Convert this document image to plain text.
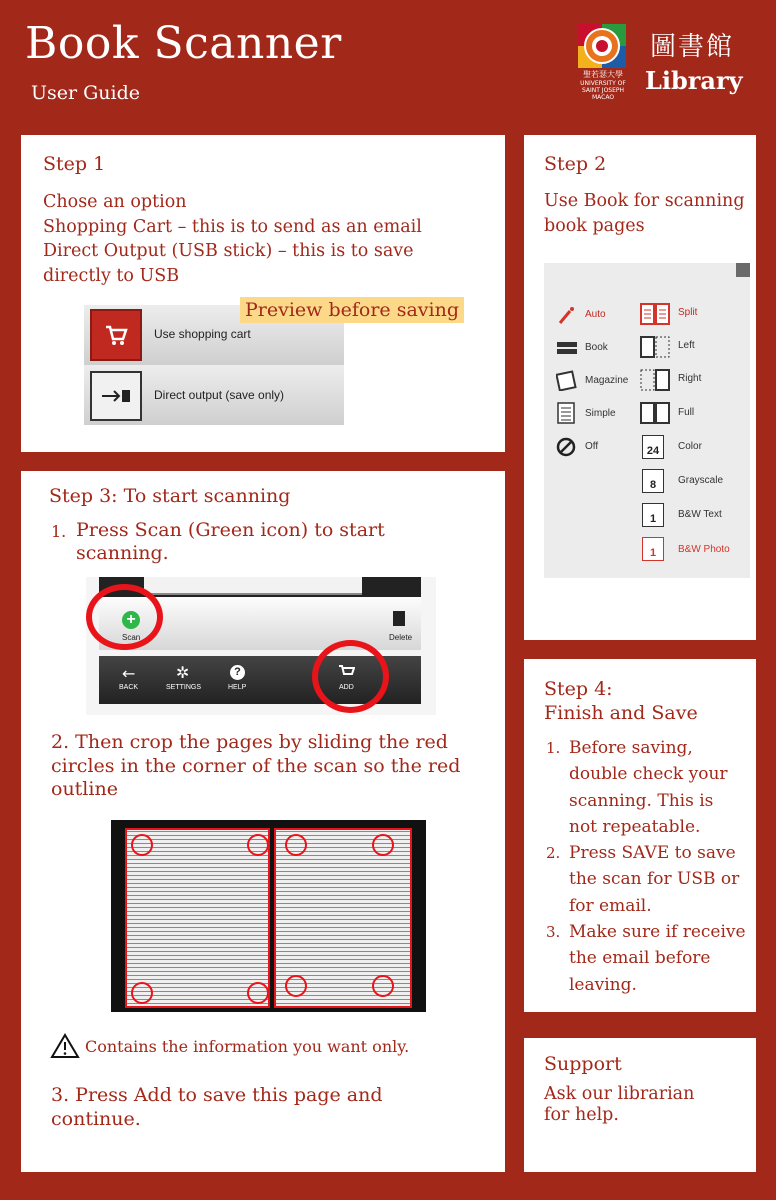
Book Scanner
User Guide
聖若瑟大學
UNIVERSITY OF
SAINT JOSEPH
MACAO
圖書館
Library
Step 1
Chose an option
Shopping Cart – this is to send as an email
Direct Output (USB stick) – this is to save directly to USB
Use shopping cart
Direct output (save only)
Preview before saving
Step 2
Use Book for scanning book pages
Auto
Book
Magazine
Simple
Off
Split
Left
Right
Full
24	Color
8	Grayscale
1	B&W Text
1	B&W Photo
Step 3: To start scanning
1. Press Scan (Green icon) to start scanning.
+
Scan	Delete
←
BACK
✲
SETTINGS
?
HELP	ADD
2. Then crop the pages by sliding the red circles in the corner of the scan so the red outline
Contains the information you want only.
3. Press Add to save this page and continue.
Step 4:
Finish and Save
1. Before saving, double check your scanning. This is not repeatable.
2. Press SAVE to save the scan for USB or for email.
3. Make sure if receive the email before leaving.
Support
Ask our librarian for help.
